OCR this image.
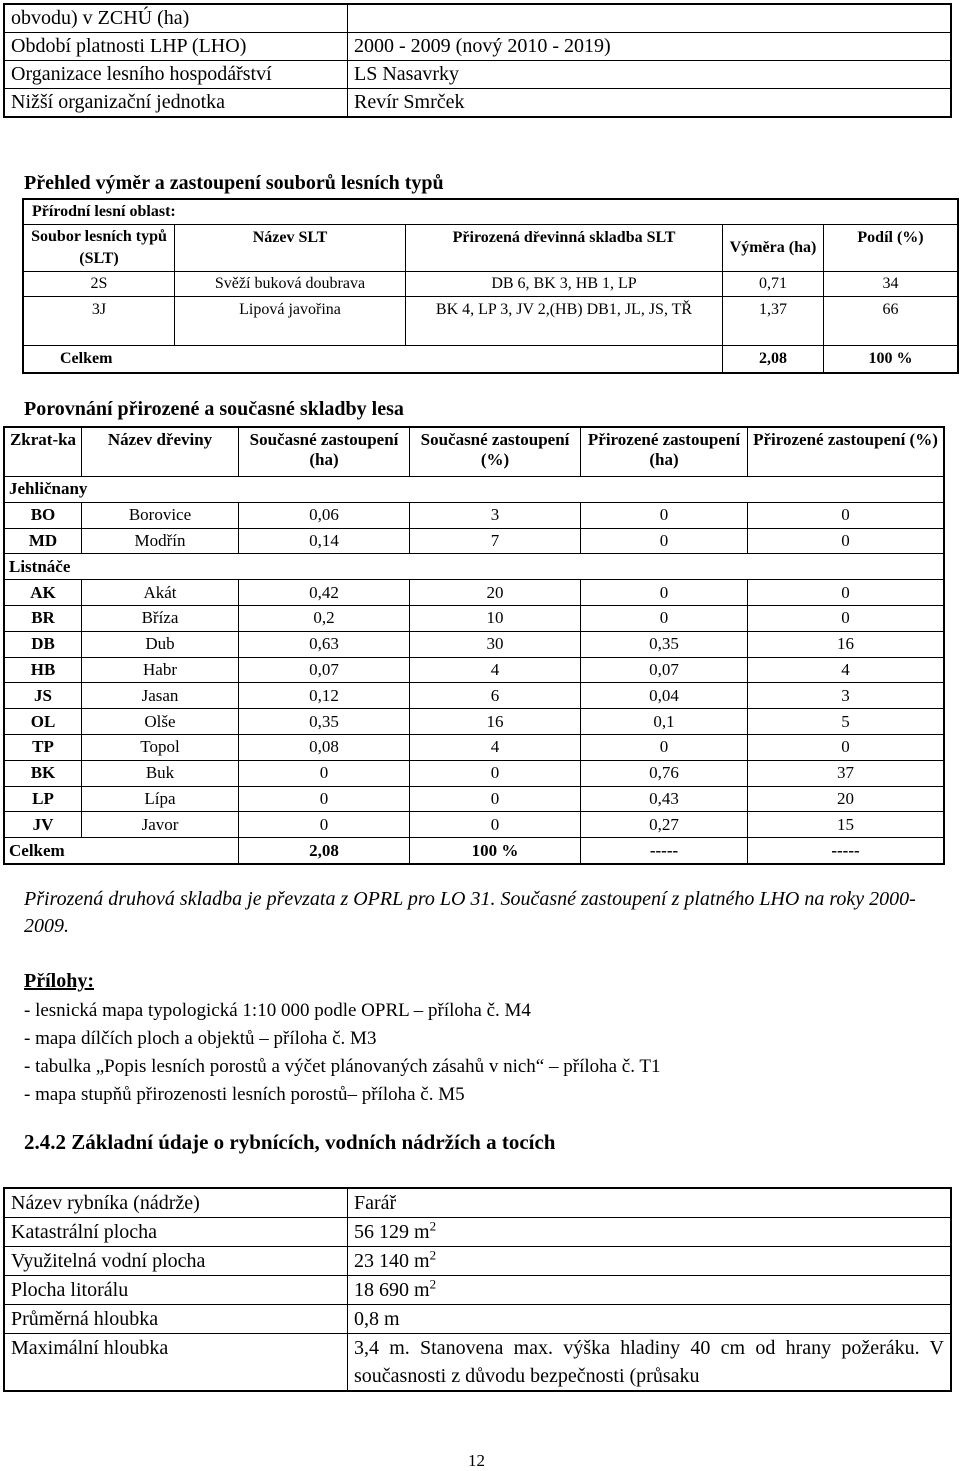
obvodu) v ZCHÚ (ha)	
Období platnosti LHP (LHO)	2000 - 2009 (nový 2010 - 2019)
Organizace lesního hospodářství	LS Nasavrky
Nižší organizační jednotka	Revír Smrček
Přehled výměr a zastoupení souborů lesních typů
Přírodní lesní oblast:				
Soubor lesních typů (SLT)	Název SLT	Přirozená dřevinná skladba SLT	Výměra (ha)	Podíl (%)
2S	Svěží buková doubrava	DB 6, BK 3, HB 1, LP	0,71	34
3J	Lipová javořina	BK 4, LP 3, JV 2,(HB) DB1, JL, JS, TŘ	1,37	66
Celkem			2,08	100 %
Porovnání přirozené a současné skladby lesa
Zkrat-ka	Název dřeviny	Současné zastoupení (ha)	Současné zastoupení (%)	Přirozené zastoupení (ha)	Přirozené zastoupení (%)
Jehličnany					
BO	Borovice	0,06	3	0	0
MD	Modřín	0,14	7	0	0
Listnáče					
AK	Akát	0,42	20	0	0
BR	Bříza	0,2	10	0	0
DB	Dub	0,63	30	0,35	16
HB	Habr	0,07	4	0,07	4
JS	Jasan	0,12	6	0,04	3
OL	Olše	0,35	16	0,1	5
TP	Topol	0,08	4	0	0
BK	Buk	0	0	0,76	37
LP	Lípa	0	0	0,43	20
JV	Javor	0	0	0,27	15
Celkem		2,08	100 %	-----	-----
Přirozená druhová skladba je převzata z OPRL pro LO 31. Současné zastoupení z platného LHO na roky 2000-2009.
Přílohy:
- lesnická mapa typologická 1:10 000 podle OPRL – příloha č. M4
- mapa dílčích ploch a objektů – příloha č. M3
- tabulka „Popis lesních porostů a výčet plánovaných zásahů v nich“ – příloha č. T1
- mapa stupňů přirozenosti lesních porostů– příloha č. M5
2.4.2 Základní údaje o rybnících, vodních nádržích a tocích
Název rybníka (nádrže)	Farář
Katastrální plocha	56 129 $m^2$
Využitelná vodní plocha	23 140 $m^2$
Plocha litorálu	18 690 $m^2$
Průměrná hloubka	0,8 m
Maximální hloubka	3,4 m. Stanovena max. výška hladiny 40 cm od hrany požeráku. V současnosti z důvodu bezpečnosti (průsaku
12
